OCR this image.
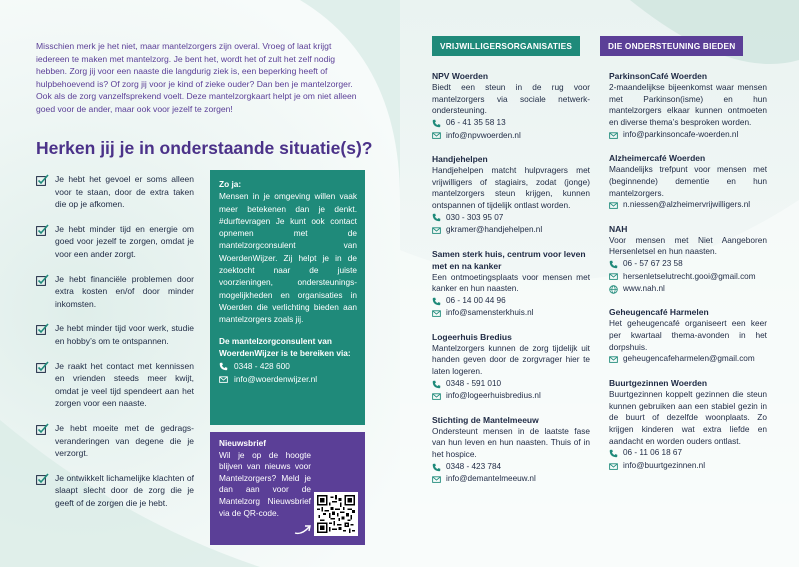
Misschien merk je het niet, maar mantelzorgers zijn overal. Vroeg of laat krijgt iedereen te maken met mantelzorg. Je bent het, wordt het of zult het zelf nodig hebben. Zorg jij voor een naaste die langdurig ziek is, een beperking heeft of hulpbehoevend is? Of zorg jij voor je kind of zieke ouder? Dan ben je mantelzorger. Ook als de zorg vanzelfsprekend voelt. Deze mantelzorgkaart helpt je om niet alleen goed voor de ander, maar ook voor jezelf te zorgen!

Herken jij je in onderstaande situatie(s)?
Je hebt het gevoel er soms alleen voor te staan, door de extra taken die op je afkomen.
Je hebt minder tijd en energie om goed voor jezelf te zorgen, omdat je voor een ander zorgt.
Je hebt financiële problemen door extra kosten en/of door minder inkomsten.
Je hebt minder tijd voor werk, studie en hobby’s om te ontspannen.
Je raakt het contact met kennissen en vrienden steeds meer kwijt, omdat je veel tijd spendeert aan het zorgen voor een naaste.
Je hebt moeite met de gedrags-veranderingen van degene die je verzorgt.
Je ontwikkelt lichamelijke klachten of slaapt slecht door de zorg die je geeft of de zorgen die je hebt.
Zo ja:

Mensen in je omgeving willen vaak meer betekenen dan je denkt. #durftevragen Je kunt ook contact opnemen met de mantelzorgconsulent van WoerdenWijzer. Zij helpt je in de zoektocht naar de juiste voorzieningen, ondersteunings-mogelijkheden en organisaties in Woerden die verlichting bieden aan mantelzorgers zoals jij.

De mantelzorgconsulent van WoerdenWijzer is te bereiken via:
0348 - 428 600
info@woerdenwijzer.nl
Nieuwsbrief

Wil je op de hoogte blijven van nieuws voor Mantelzorgers? Meld je dan aan voor de Mantelzorg Nieuwsbrief via de QR-code.

VRIJWILLIGERSORGANISATIES	DIE ONDERSTEUNING BIEDEN
NPV Woerden
Biedt een steun in de rug voor mantelzorgers via sociale netwerk-ondersteuning.
06 - 41 35 58 13
info@npvwoerden.nl
Handjehelpen
Handjehelpen matcht hulpvragers met vrijwilligers of stagiairs, zodat (jonge) mantelzorgers steun krijgen, kunnen ontspannen of tijdelijk ontlast worden.
030 - 303 95 07
gkramer@handjehelpen.nl
Samen sterk huis, centrum voor leven met en na kanker
Een ontmoetingsplaats voor mensen met kanker en hun naasten.
06 - 14 00 44 96
info@samensterkhuis.nl
Logeerhuis Bredius
Mantelzorgers kunnen de zorg tijdelijk uit handen geven door de zorgvrager hier te laten logeren.
0348 - 591 010
info@logeerhuisbredius.nl
Stichting de Mantelmeeuw
Ondersteunt mensen in de laatste fase van hun leven en hun naasten. Thuis of in het hospice.
0348 - 423 784
info@demantelmeeuw.nl
ParkinsonCafé Woerden
2-maandelijkse bijeenkomst waar mensen met Parkinson(isme) en hun mantelzorgers elkaar kunnen ontmoeten en diverse thema’s besproken worden.
info@parkinsoncafe-woerden.nl
Alzheimercafé Woerden
Maandelijks trefpunt voor mensen met (beginnende) dementie en hun mantelzorgers.
n.niessen@alzheimervrijwilligers.nl
NAH
Voor mensen met Niet Aangeboren Hersenletsel en hun naasten.
06 - 57 67 23 58
hersenletselutrecht.gooi@gmail.com
www.nah.nl
Geheugencafé Harmelen
Het geheugencafé organiseert een keer per kwartaal thema-avonden in het dorpshuis.
geheugencafeharmelen@gmail.com
Buurtgezinnen Woerden
Buurtgezinnen koppelt gezinnen die steun kunnen gebruiken aan een stabiel gezin in de buurt of dezelfde woonplaats. Zo krijgen kinderen wat extra liefde en aandacht en worden ouders ontlast.
06 - 11 06 18 67
info@buurtgezinnen.nl
